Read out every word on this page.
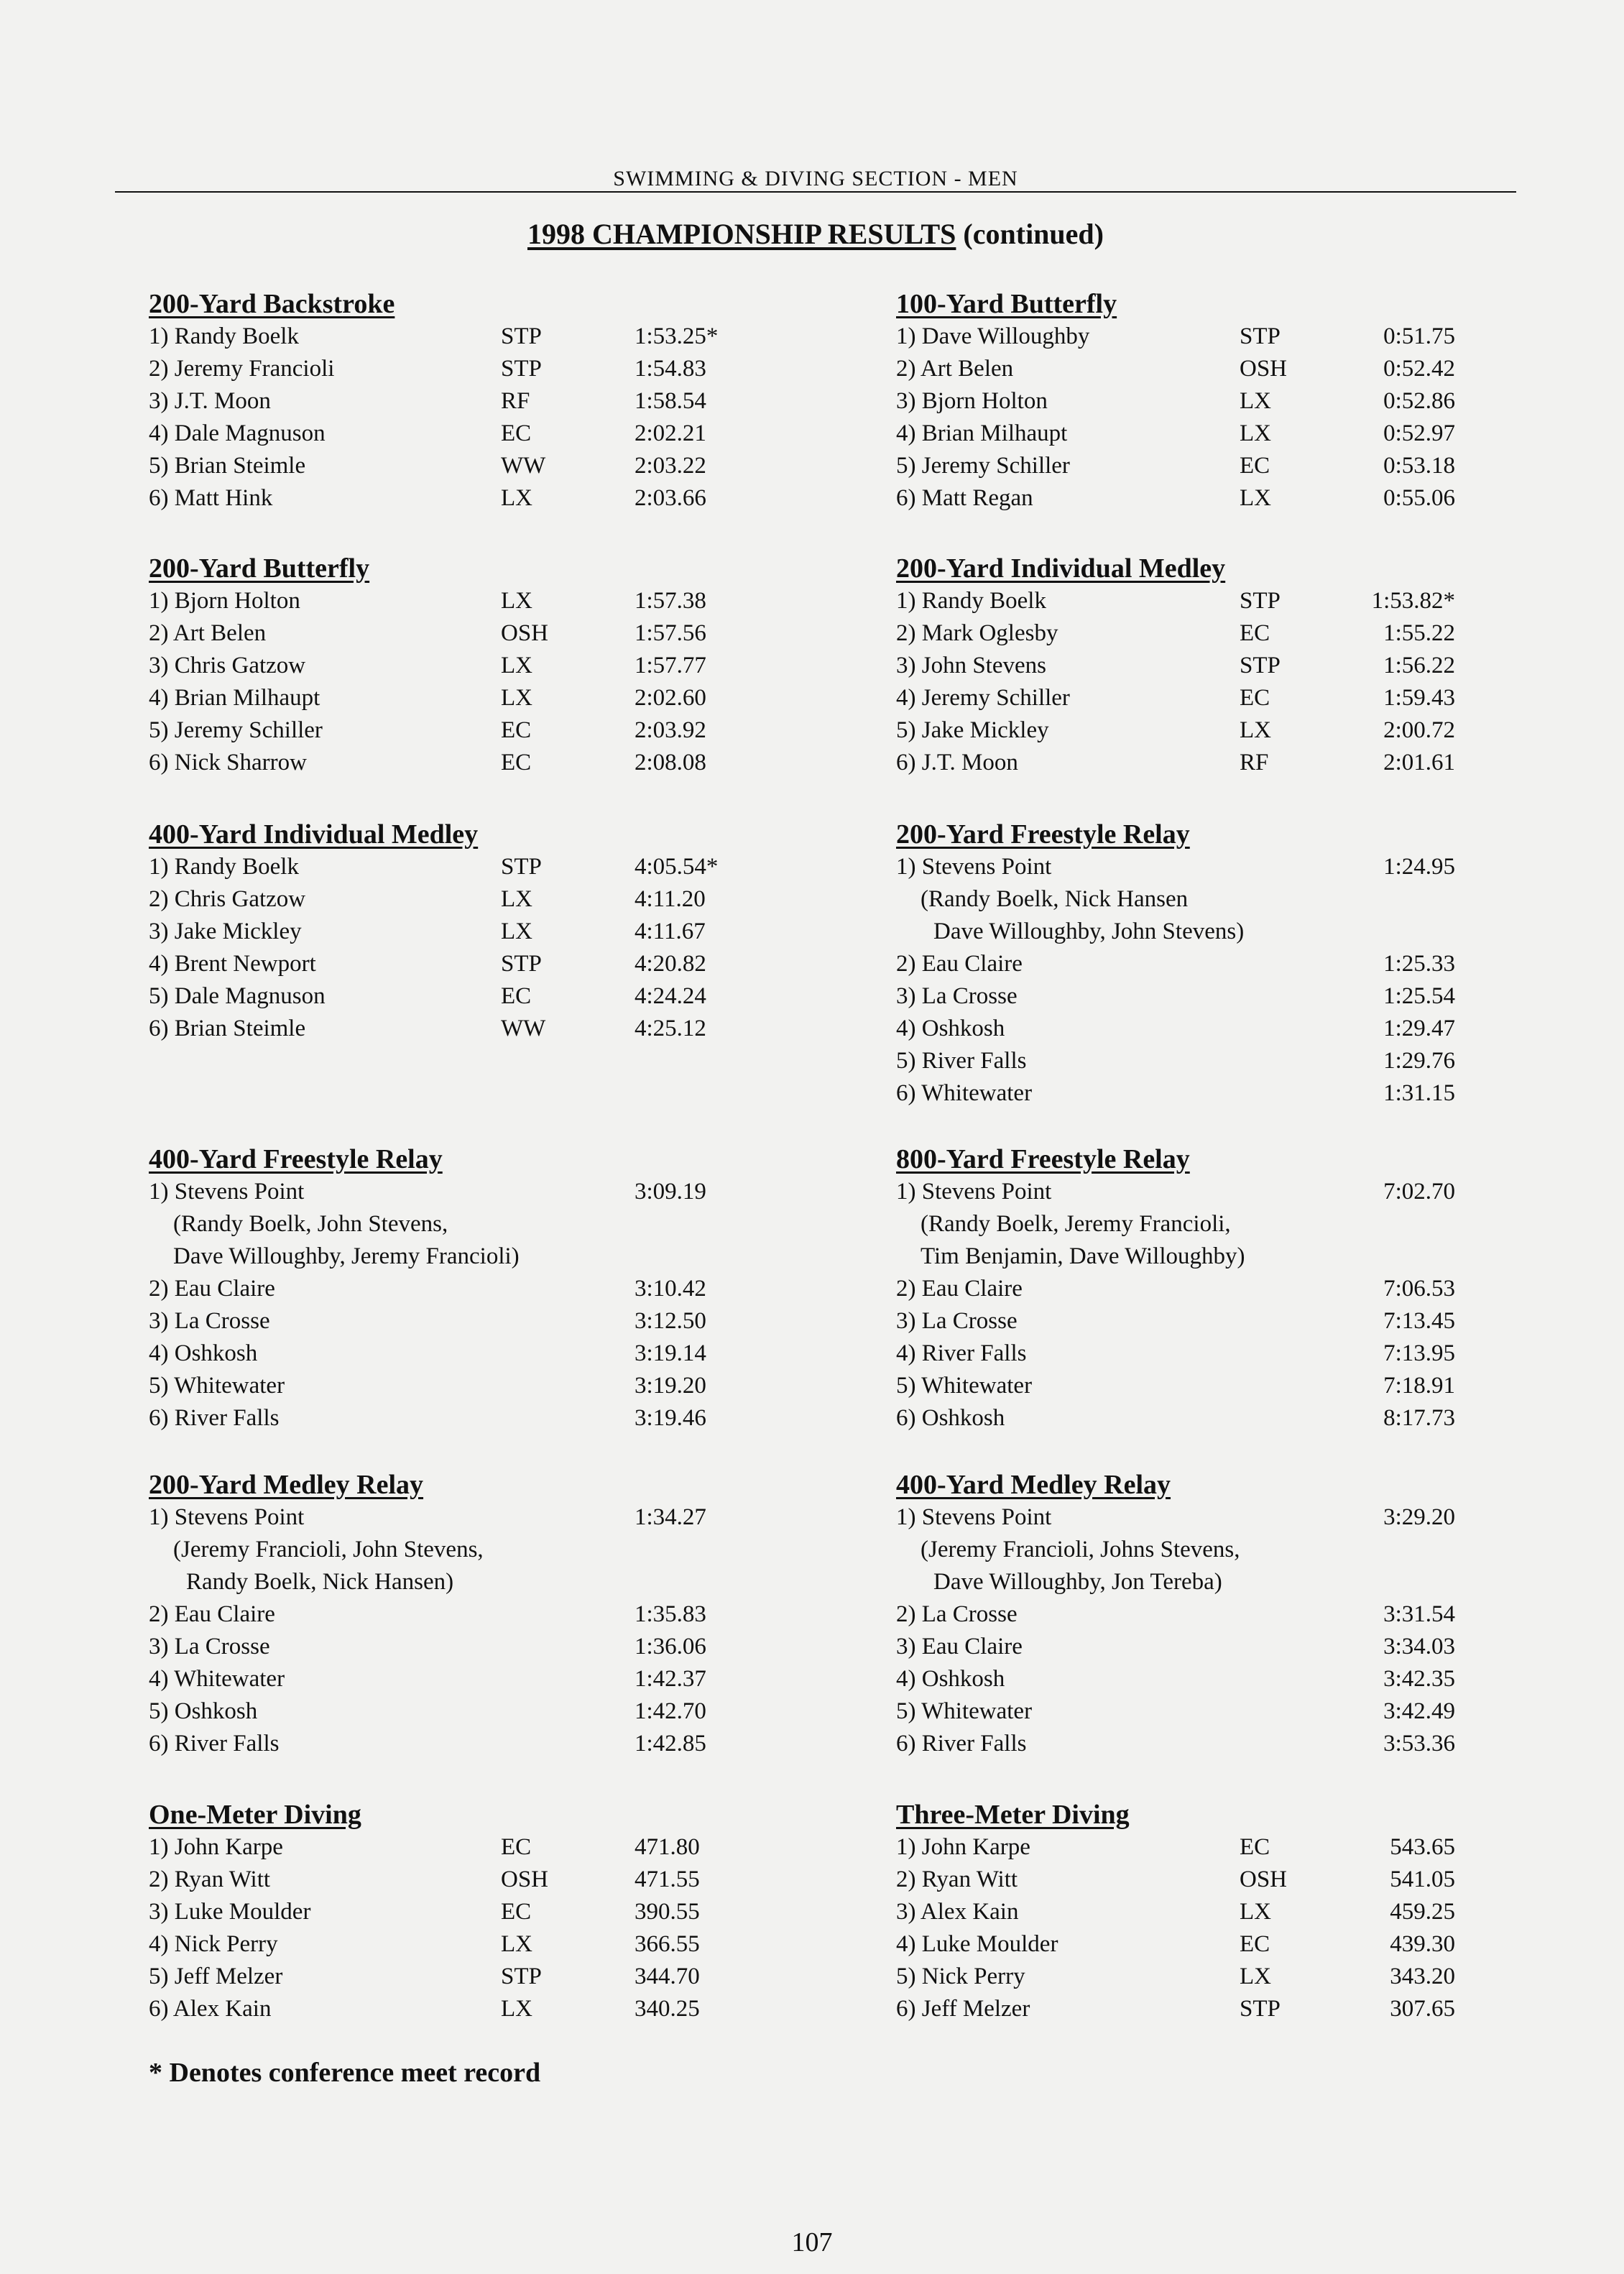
SWIMMING & DIVING SECTION - MEN
1998 CHAMPIONSHIP RESULTS (continued)
200-Yard Backstroke
1) Randy Boelk	STP	1:53.25*
2) Jeremy Francioli	STP	1:54.83
3) J.T. Moon	RF	1:58.54
4) Dale Magnuson	EC	2:02.21
5) Brian Steimle	WW	2:03.22
6) Matt Hink	LX	2:03.66
100-Yard Butterfly
1) Dave Willoughby	STP	0:51.75
2) Art Belen	OSH	0:52.42
3) Bjorn Holton	LX	0:52.86
4) Brian Milhaupt	LX	0:52.97
5) Jeremy Schiller	EC	0:53.18
6) Matt Regan	LX	0:55.06
200-Yard Butterfly
1) Bjorn Holton	LX	1:57.38
2) Art Belen	OSH	1:57.56
3) Chris Gatzow	LX	1:57.77
4) Brian Milhaupt	LX	2:02.60
5) Jeremy Schiller	EC	2:03.92
6) Nick Sharrow	EC	2:08.08
200-Yard Individual Medley
1) Randy Boelk	STP	1:53.82*
2) Mark Oglesby	EC	1:55.22
3) John Stevens	STP	1:56.22
4) Jeremy Schiller	EC	1:59.43
5) Jake Mickley	LX	2:00.72
6) J.T. Moon	RF	2:01.61
400-Yard Individual Medley
1) Randy Boelk	STP	4:05.54*
2) Chris Gatzow	LX	4:11.20
3) Jake Mickley	LX	4:11.67
4) Brent Newport	STP	4:20.82
5) Dale Magnuson	EC	4:24.24
6) Brian Steimle	WW	4:25.12
200-Yard Freestyle Relay
1) Stevens Point	1:24.95
(Randy Boelk, Nick Hansen
Dave Willoughby, John Stevens)
2) Eau Claire	1:25.33
3) La Crosse	1:25.54
4) Oshkosh	1:29.47
5) River Falls	1:29.76
6) Whitewater	1:31.15
400-Yard Freestyle Relay
1) Stevens Point	3:09.19
(Randy Boelk, John Stevens,
Dave Willoughby, Jeremy Francioli)
2) Eau Claire	3:10.42
3) La Crosse	3:12.50
4) Oshkosh	3:19.14
5) Whitewater	3:19.20
6) River Falls	3:19.46
800-Yard Freestyle Relay
1) Stevens Point	7:02.70
(Randy Boelk, Jeremy Francioli,
Tim Benjamin, Dave Willoughby)
2) Eau Claire	7:06.53
3) La Crosse	7:13.45
4) River Falls	7:13.95
5) Whitewater	7:18.91
6) Oshkosh	8:17.73
200-Yard Medley Relay
1) Stevens Point	1:34.27
(Jeremy Francioli, John Stevens,
Randy Boelk, Nick Hansen)
2) Eau Claire	1:35.83
3) La Crosse	1:36.06
4) Whitewater	1:42.37
5) Oshkosh	1:42.70
6) River Falls	1:42.85
400-Yard Medley Relay
1) Stevens Point	3:29.20
(Jeremy Francioli, Johns Stevens,
Dave Willoughby, Jon Tereba)
2) La Crosse	3:31.54
3) Eau Claire	3:34.03
4) Oshkosh	3:42.35
5) Whitewater	3:42.49
6) River Falls	3:53.36
One-Meter Diving
1) John Karpe	EC	471.80
2) Ryan Witt	OSH	471.55
3) Luke Moulder	EC	390.55
4) Nick Perry	LX	366.55
5) Jeff Melzer	STP	344.70
6) Alex Kain	LX	340.25
Three-Meter Diving
1) John Karpe	EC	543.65
2) Ryan Witt	OSH	541.05
3) Alex Kain	LX	459.25
4) Luke Moulder	EC	439.30
5) Nick Perry	LX	343.20
6) Jeff Melzer	STP	307.65
* Denotes conference meet record
107
